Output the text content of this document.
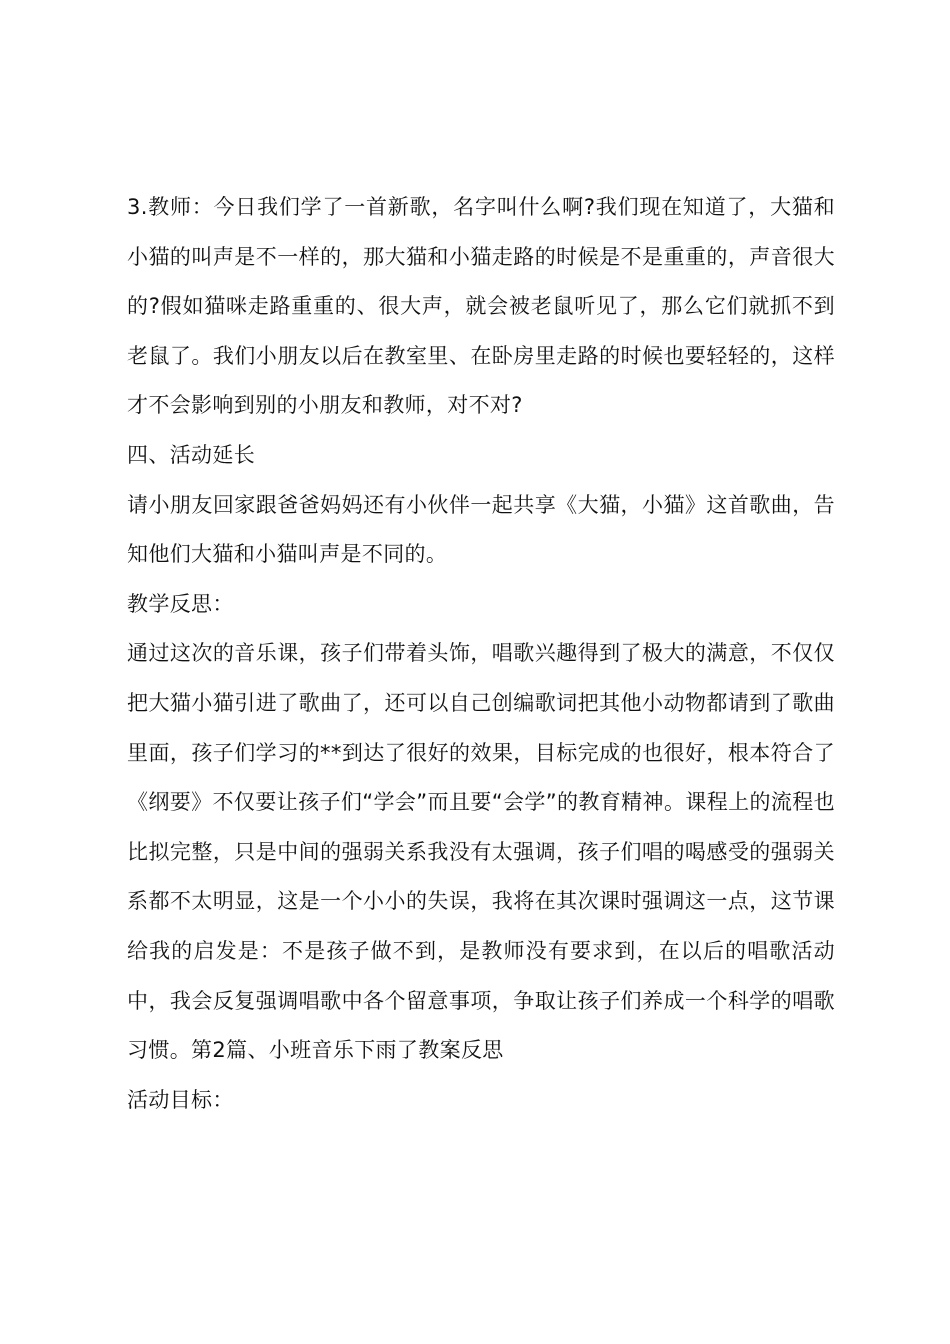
3.教师：今日我们学了一首新歌，名字叫什么啊?我们现在知道了，大猫和小猫的叫声是不一样的，那大猫和小猫走路的时候是不是重重的，声音很大的?假如猫咪走路重重的、很大声，就会被老鼠听见了，那么它们就抓不到老鼠了。我们小朋友以后在教室里、在卧房里走路的时候也要轻轻的，这样才不会影响到别的小朋友和教师，对不对?

四、活动延长

请小朋友回家跟爸爸妈妈还有小伙伴一起共享《大猫，小猫》这首歌曲，告知他们大猫和小猫叫声是不同的。

教学反思：

通过这次的音乐课，孩子们带着头饰，唱歌兴趣得到了极大的满意，不仅仅把大猫小猫引进了歌曲了，还可以自己创编歌词把其他小动物都请到了歌曲里面，孩子们学习的**到达了很好的效果，目标完成的也很好，根本符合了《纲要》不仅要让孩子们“学会”而且要“会学”的教育精神。课程上的流程也比拟完整，只是中间的强弱关系我没有太强调，孩子们唱的喝感受的强弱关系都不太明显，这是一个小小的失误，我将在其次课时强调这一点，这节课给我的启发是：不是孩子做不到，是教师没有要求到，在以后的唱歌活动中，我会反复强调唱歌中各个留意事项，争取让孩子们养成一个科学的唱歌习惯。第2篇、小班音乐下雨了教案反思

活动目标：
